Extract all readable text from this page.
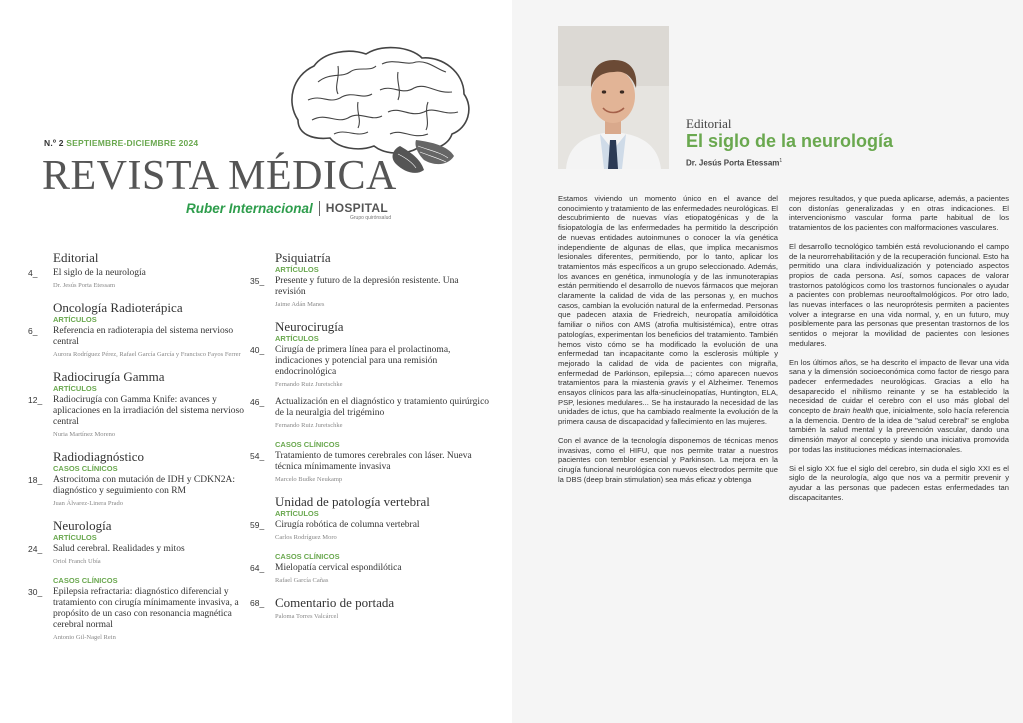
N.º 2 SEPTIEMBRE-DICIEMBRE 2024
REVISTA MÉDICA
Ruber Internacional HOSPITAL
Grupo quirónsalud
Editorial
4_ El siglo de la neurología
Dr. Jesús Porta Etessam
Oncología Radioterápica
ARTÍCULOS
6_ Referencia en radioterapia del sistema nervioso central
Aurora Rodríguez Pérez, Rafael García García y Francisco Fayos Ferrer
Radiocirugía Gamma
ARTÍCULOS
12_ Radiocirugía con Gamma Knife: avances y aplicaciones en la irradiación del sistema nervioso central
Nuria Martínez Moreno
Radiodiagnóstico
CASOS CLÍNICOS
18_ Astrocitoma con mutación de IDH y CDKN2A: diagnóstico y seguimiento con RM
Juan Álvarez-Linera Prado
Neurología
ARTÍCULOS
24_ Salud cerebral. Realidades y mitos
Oriol Franch Ubía
CASOS CLÍNICOS
30_ Epilepsia refractaria: diagnóstico diferencial y tratamiento con cirugía mínimamente invasiva, a propósito de un caso con resonancia magnética cerebral normal
Antonio Gil-Nagel Rein
Psiquiatría
ARTÍCULOS
35_ Presente y futuro de la depresión resistente. Una revisión
Jaime Adán Manes
Neurocirugía
ARTÍCULOS
40_ Cirugía de primera línea para el prolactinoma, indicaciones y potencial para una remisión endocrinológica
Fernando Ruiz Juretschke
46_ Actualización en el diagnóstico y tratamiento quirúrgico de la neuralgia del trigémino
Fernando Ruiz Juretschke
CASOS CLÍNICOS
54_ Tratamiento de tumores cerebrales con láser. Nueva técnica mínimamente invasiva
Marcelo Budke Neukamp
Unidad de patología vertebral
ARTÍCULOS
59_ Cirugía robótica de columna vertebral
Carlos Rodríguez Moro
CASOS CLÍNICOS
64_ Mielopatía cervical espondilótica
Rafael García Cañas
68_ Comentario de portada
Paloma Torres Valcárcel
Editorial
El siglo de la neurología
Dr. Jesús Porta Etessam$^1$

Estamos viviendo un momento único en el avance del conocimiento y tratamiento de las enfermedades neurológicas. El descubrimiento de nuevas vías etiopatogénicas y de la fisiopatología de las enfermedades ha permitido la descripción de nuevas entidades autoinmunes o conocer la vía genética independiente de algunas de ellas, que implica mecanismos lesionales diferentes, permitiendo, por lo tanto, aplicar los tratamientos más específicos a un grupo seleccionado. Además, los avances en genética, inmunología y de las inmunoterapias están permitiendo el desarrollo de nuevos fármacos que mejoran claramente la calidad de vida de las personas y, en muchos casos, cambian la evolución natural de la enfermedad. Personas que padecen ataxia de Friedreich, neuropatía amiloidótica familiar o niños con AMS (atrofia multisistémica), entre otras patologías, experimentan los beneficios del tratamiento. También hemos visto cómo se ha modificado la evolución de una enfermedad tan incapacitante como la esclerosis múltiple y mejorado la calidad de vida de pacientes con migraña, enfermedad de Parkinson, epilepsia...; cómo aparecen nuevos tratamientos para la miastenia gravis y el Alzheimer. Tenemos ensayos clínicos para las alfa-sinucleinopatías, Huntington, ELA, PSP, lesiones medulares... Se ha instaurado la necesidad de las unidades de ictus, que ha cambiado realmente la evolución de la primera causa de discapacidad y fallecimiento en las mujeres.

Con el avance de la tecnología disponemos de técnicas menos invasivas, como el HIFU, que nos permite tratar a nuestros pacientes con temblor esencial y Parkinson. La mejora en la cirugía funcional neurológica con nuevos electrodos permite que la DBS (deep brain stimulation) sea más eficaz y obtenga

mejores resultados, y que pueda aplicarse, además, a pacientes con distonías generalizadas y en otras indicaciones. El intervencionismo vascular forma parte habitual de los tratamientos de los pacientes con malformaciones vasculares.

El desarrollo tecnológico también está revolucionando el campo de la neurorrehabilitación y de la recuperación funcional. Esto ha permitido una clara individualización y potenciado aspectos propios de cada persona. Así, somos capaces de valorar trastornos patológicos como los trastornos funcionales o ayudar a pacientes con problemas neurooftalmológicos. Por otro lado, las nuevas interfaces o las neuroprótesis permiten a pacientes volver a integrarse en una vida normal, y, en un futuro, muy posiblemente para las personas que presentan trastornos de los sentidos o mejorar la movilidad de pacientes con lesiones medulares.

En los últimos años, se ha descrito el impacto de llevar una vida sana y la dimensión socioeconómica como factor de riesgo para padecer enfermedades neurológicas. Gracias a ello ha desaparecido el nihilismo reinante y se ha establecido la necesidad de cuidar el cerebro con el uso más global del concepto de brain health que, inicialmente, solo hacía referencia a la demencia. Dentro de la idea de "salud cerebral" se engloba también la salud mental y la prevención vascular, dando una dimensión mayor al concepto y siendo una iniciativa promovida por todas las instituciones médicas internacionales.

Si el siglo XX fue el siglo del cerebro, sin duda el siglo XXI es el siglo de la neurología, algo que nos va a permitir prevenir y ayudar a las personas que padecen estas enfermedades tan discapacitantes.
